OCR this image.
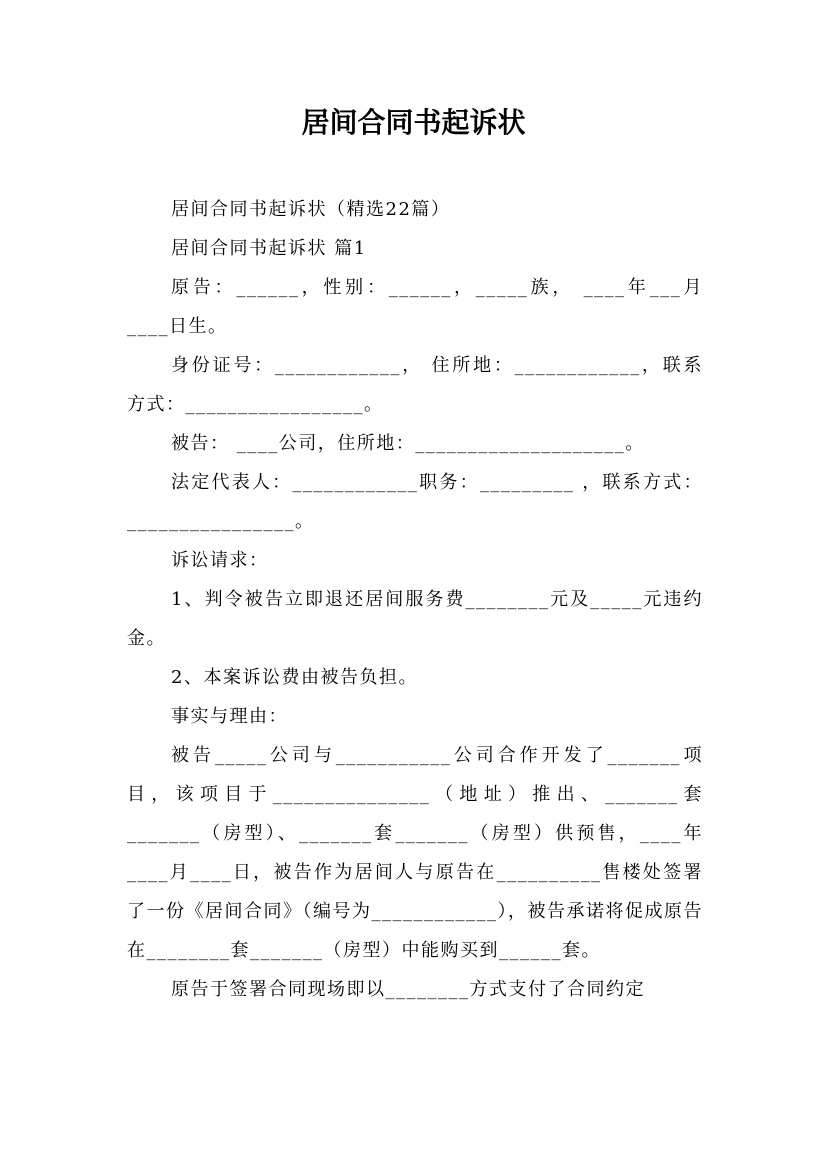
居间合同书起诉状

居间合同书起诉状（精选22篇）

居间合同书起诉状 篇1

原告：______，性别：______，_____族， ____年___月____日生。

身份证号：____________， 住所地：____________，联系方式：_________________。

被告： ____公司，住所地：____________________。

法定代表人：____________职务：_________ ，联系方式：________________。

诉讼请求：

1、判令被告立即退还居间服务费________元及_____元违约金。

2、本案诉讼费由被告负担。

事实与理由：

被告_____公司与___________公司合作开发了_______项目，该项目于_______________（地址）推出、_______套_______（房型）、_______套_______（房型）供预售，____年____月____日，被告作为居间人与原告在__________售楼处签署了一份《居间合同》（编号为____________），被告承诺将促成原告在________套_______（房型）中能购买到______套。

原告于签署合同现场即以________方式支付了合同约定
